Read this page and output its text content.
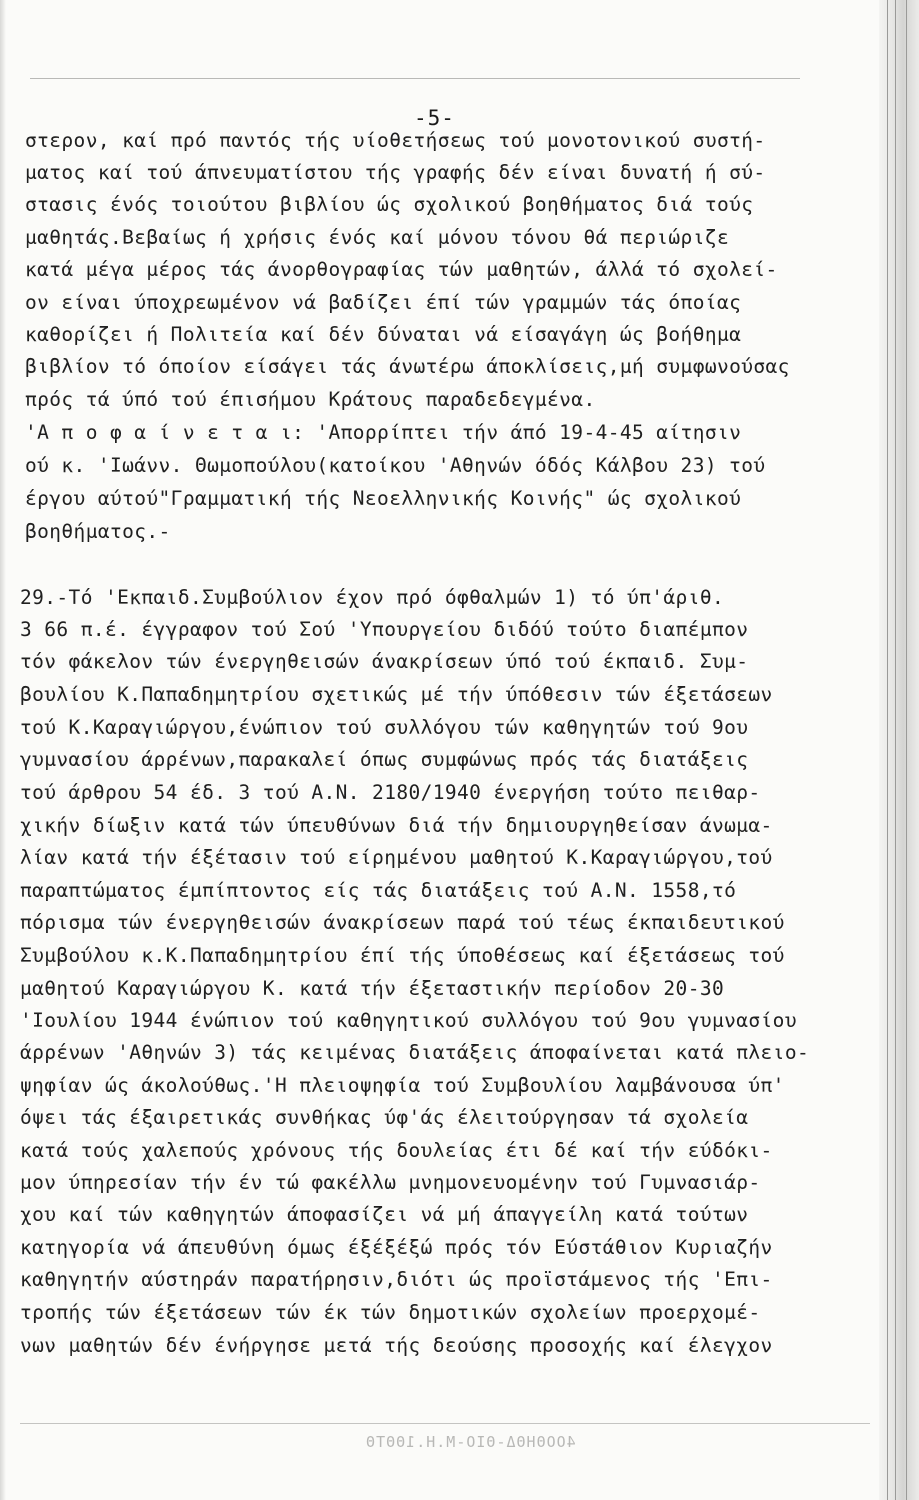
-5-
στερον, καί πρό παντός τής υίοθετήσεως τού μονοτονικού συστή-
ματος καί τού άπνευματίστου τής γραφής δέν είναι δυνατή ή σύ-
στασις ένός τοιούτου βιβλίου ώς σχολικού βοηθήματος διά τούς
μαθητάς.Βεβαίως ή χρήσις ένός καί μόνου τόνου θά περιώριζε
κατά μέγα μέρος τάς άνορθογραφίας τών μαθητών, άλλά τό σχολεί-
ον είναι ύποχρεωμένον νά βαδίζει έπί τών γραμμών τάς όποίας
καθορίζει ή Πολιτεία καί δέν δύναται νά είσαγάγη ώς βοήθημα
βιβλίον τό όποίον είσάγει τάς άνωτέρω άποκλίσεις,μή συμφωνούσας
πρός τά ύπό τού έπισήμου Κράτους παραδεδεγμένα.
'Α π ο φ α ί ν ε τ α ι: 'Απορρίπτει τήν άπό 19-4-45 αίτησιν
ού κ. 'Ιωάνν. Θωμοπούλου(κατοίκου 'Αθηνών όδός Κάλβου 23) τού
έργου αύτού"Γραμματική τής Νεοελληνικής Κοινής" ώς σχολικού
βοηθήματος.-
29.-Τό 'Εκπαιδ.Συμβούλιον έχον πρό όφθαλμών 1) τό ύπ'άριθ.
3 66 π.έ. έγγραφον τού Σού 'Υπουργείου διδόύ τούτο διαπέμπον
τόν φάκελον τών ένεργηθεισών άνακρίσεων ύπό τού έκπαιδ. Συμ-
βουλίου Κ.Παπαδημητρίου σχετικώς μέ τήν ύπόθεσιν τών έξετάσεων
τού Κ.Καραγιώργου,ένώπιον τού συλλόγου τών καθηγητών τού 9ου
γυμνασίου άρρένων,παρακαλεί όπως συμφώνως πρός τάς διατάξεις
τού άρθρου 54 έδ. 3 τού Α.Ν. 2180/1940 ένεργήση τούτο πειθαρ-
χικήν δίωξιν κατά τών ύπευθύνων διά τήν δημιουργηθείσαν άνωμα-
λίαν κατά τήν έξέτασιν τού είρημένου μαθητού Κ.Καραγιώργου,τού
παραπτώματος έμπίπτοντος είς τάς διατάξεις τού Α.Ν. 1558,τό
πόρισμα τών ένεργηθεισών άνακρίσεων παρά τού τέως έκπαιδευτικού
Συμβούλου κ.Κ.Παπαδημητρίου έπί τής ύποθέσεως καί έξετάσεως τού
μαθητού Καραγιώργου Κ. κατά τήν έξεταστικήν περίοδον 20-30
'Ιουλίου 1944 ένώπιον τού καθηγητικού συλλόγου τού 9ου γυμνασίου
άρρένων 'Αθηνών 3) τάς κειμένας διατάξεις άποφαίνεται κατά πλειο-
ψηφίαν ώς άκολούθως.'Η πλειοψηφία τού Συμβουλίου λαμβάνουσα ύπ'
όψει τάς έξαιρετικάς συνθήκας ύφ'άς έλειτούργησαν τά σχολεία
κατά τούς χαλεπούς χρόνους τής δουλείας έτι δέ καί τήν εύδόκι-
μον ύπηρεσίαν τήν έν τώ φακέλλω μνημονευομένην τού Γυμνασιάρ-
χου καί τών καθηγητών άποφασίζει νά μή άπαγγείλη κατά τούτων
κατηγορία νά άπευθύνη όμως έξέξέξώ πρός τόν Εύστάθιον Κυριαζήν
καθηγητήν αύστηράν παρατήρησιν,διότι ώς προϊστάμενος τής 'Επι-
τροπής τών έξετάσεων τών έκ τών δημοτικών σχολείων προερχομέ-
νων μαθητών δέν ένήργησε μετά τής δεούσης προσοχής καί έλεγχον
4ΟΟΘΗΘΔ-ΘΙΟ-Μ.Η.1ΘΘΤΘ
